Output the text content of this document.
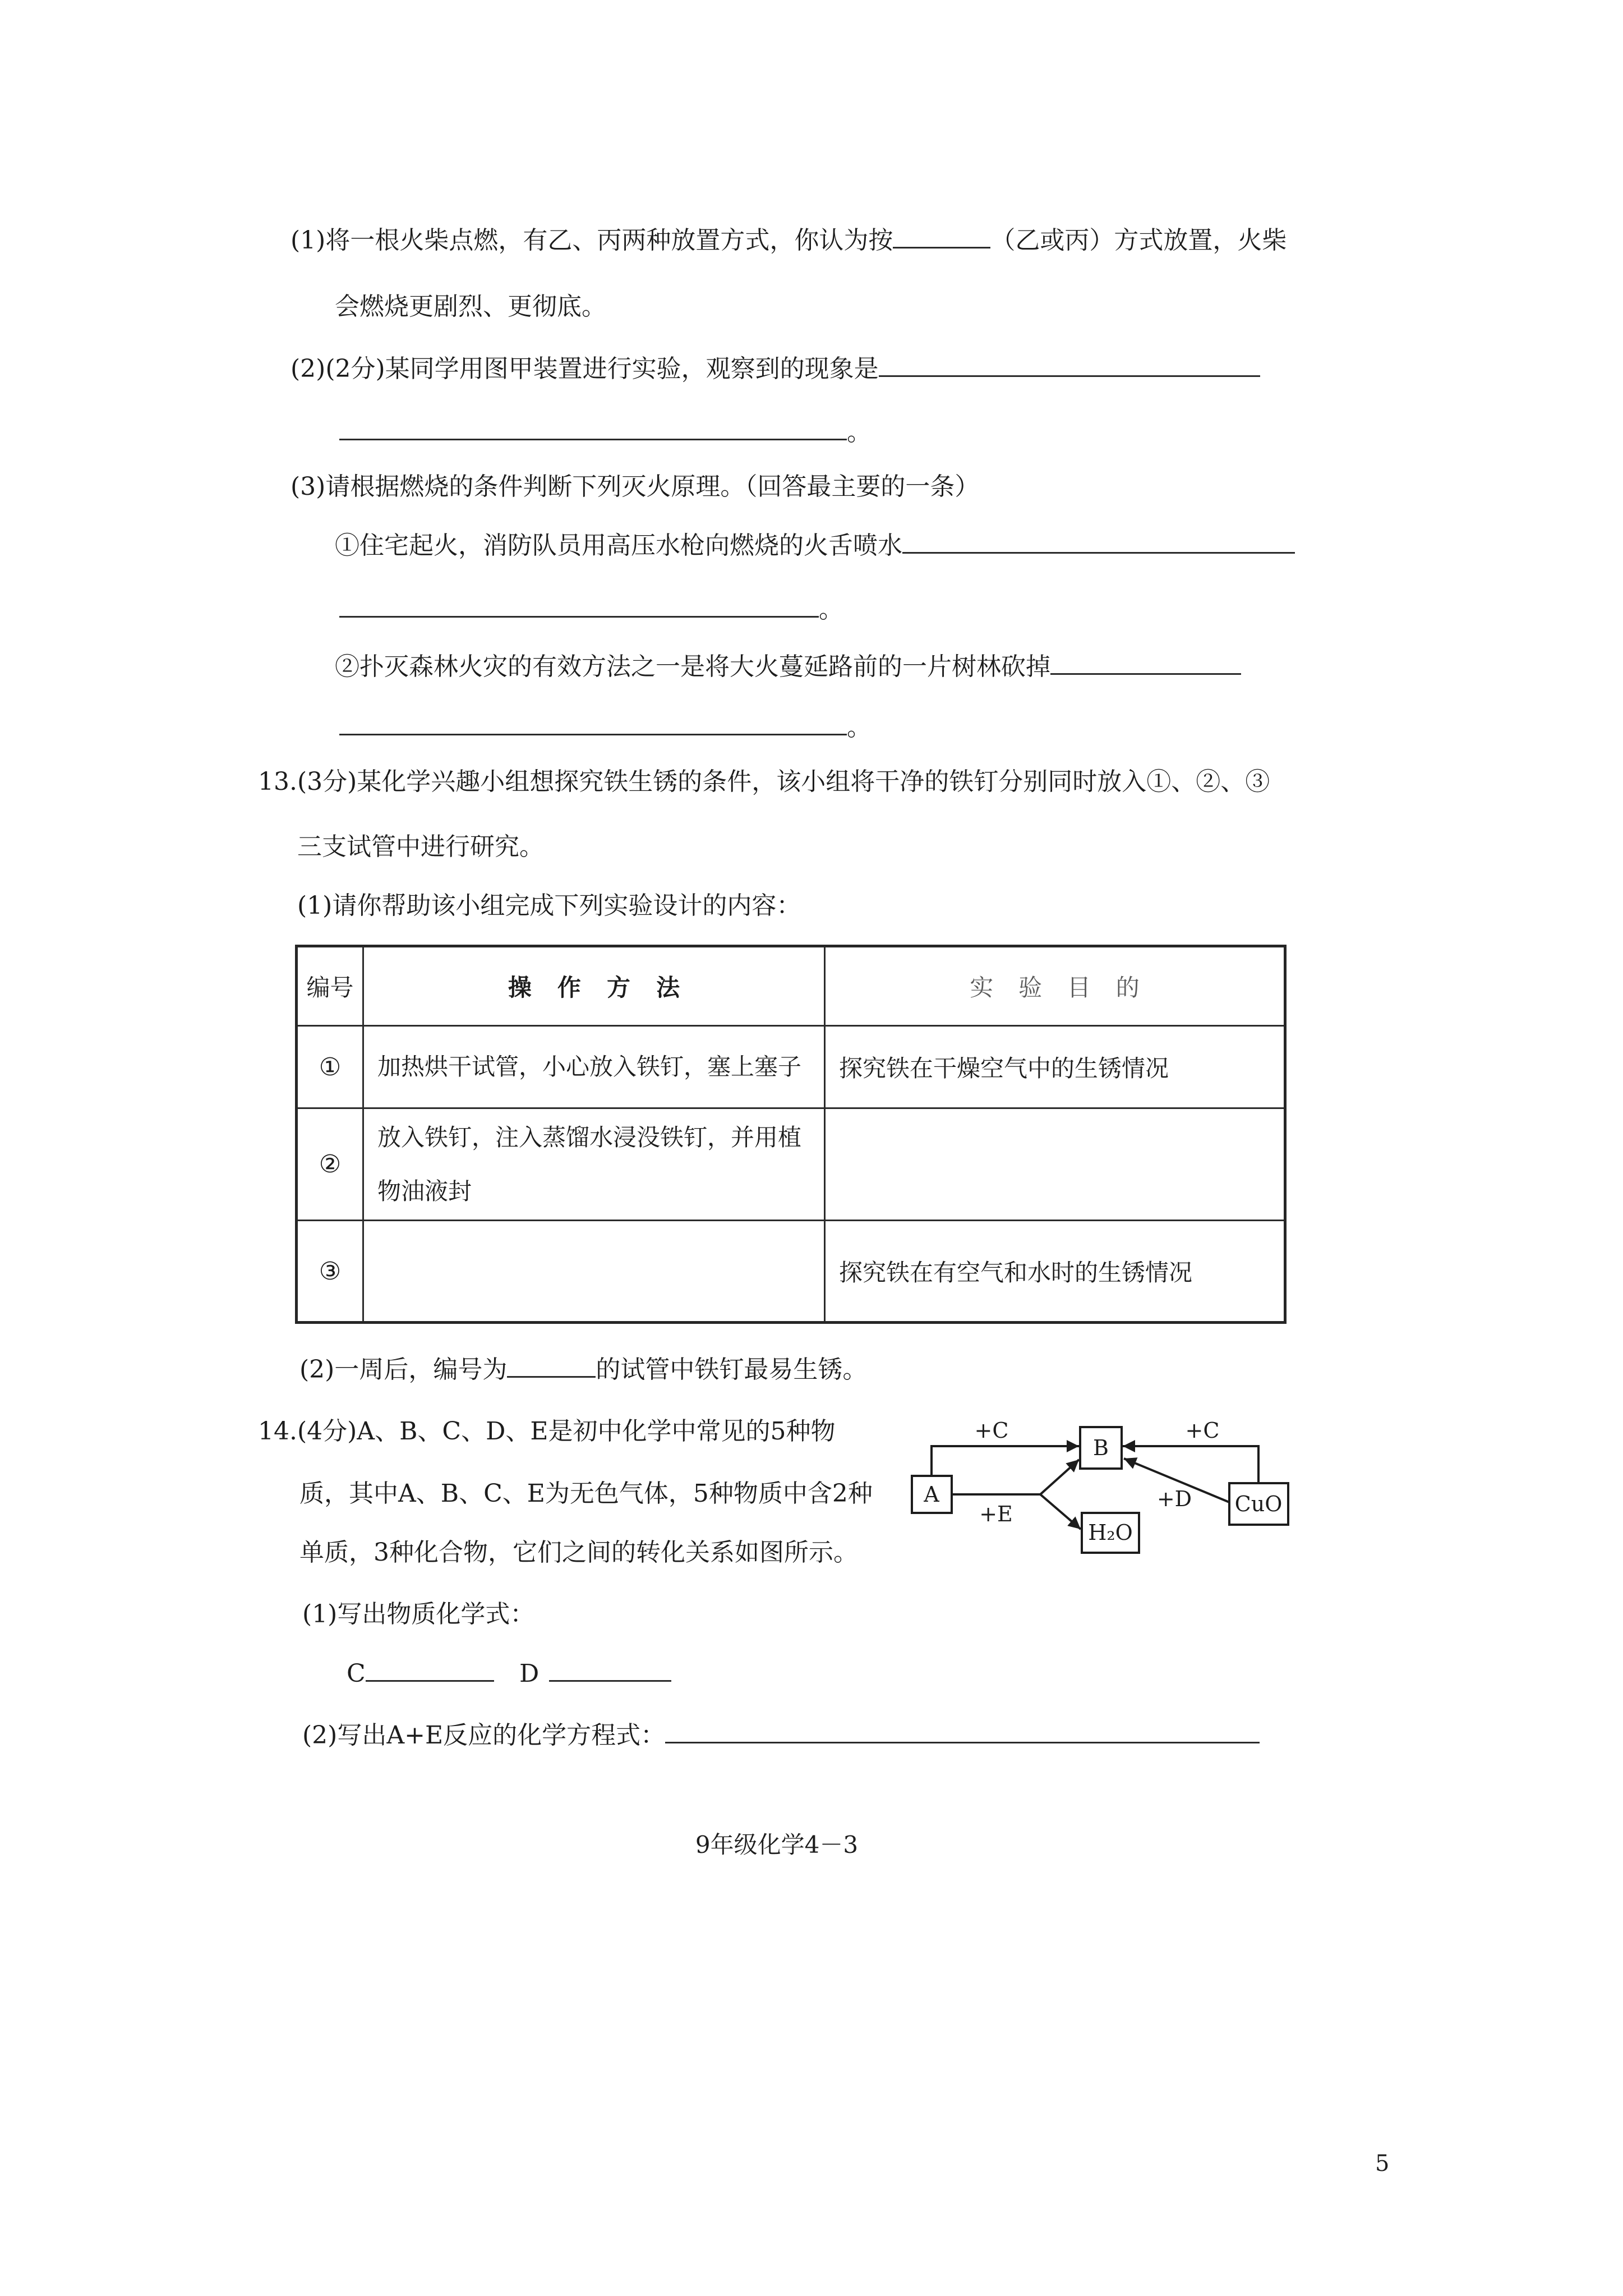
(1)将一根火柴点燃，有乙、丙两种放置方式，你认为按	（乙或丙）方式放置，火柴
会燃烧更剧烈、更彻底。
(2)(2分)某同学用图甲装置进行实验，观察到的现象是
。
(3)请根据燃烧的条件判断下列灭火原理。（回答最主要的一条）
①住宅起火，消防队员用高压水枪向燃烧的火舌喷水
。
②扑灭森林火灾的有效方法之一是将大火蔓延路前的一片树林砍掉
。
13.(3分)某化学兴趣小组想探究铁生锈的条件，该小组将干净的铁钉分别同时放入①、②、③
三支试管中进行研究。
(1)请你帮助该小组完成下列实验设计的内容：
编号	操 作 方 法	实 验 目 的
①	加热烘干试管，小心放入铁钉，塞上塞子	探究铁在干燥空气中的生锈情况
②	放入铁钉，注入蒸馏水浸没铁钉，并用植
物油液封	

③		探究铁在有空气和水时的生锈情况
(2)一周后，编号为	的试管中铁钉最易生锈。
14.(4分)A、B、C、D、E是初中化学中常见的5种物
质，其中A、B、C、E为无色气体，5种物质中含2种
单质，3种化合物，它们之间的转化关系如图所示。
A
B
H₂O
CuO
+C
+E
+C
+D
(1)写出物质化学式：
C	D
(2)写出A+E反应的化学方程式：
9年级化学4－3
5
